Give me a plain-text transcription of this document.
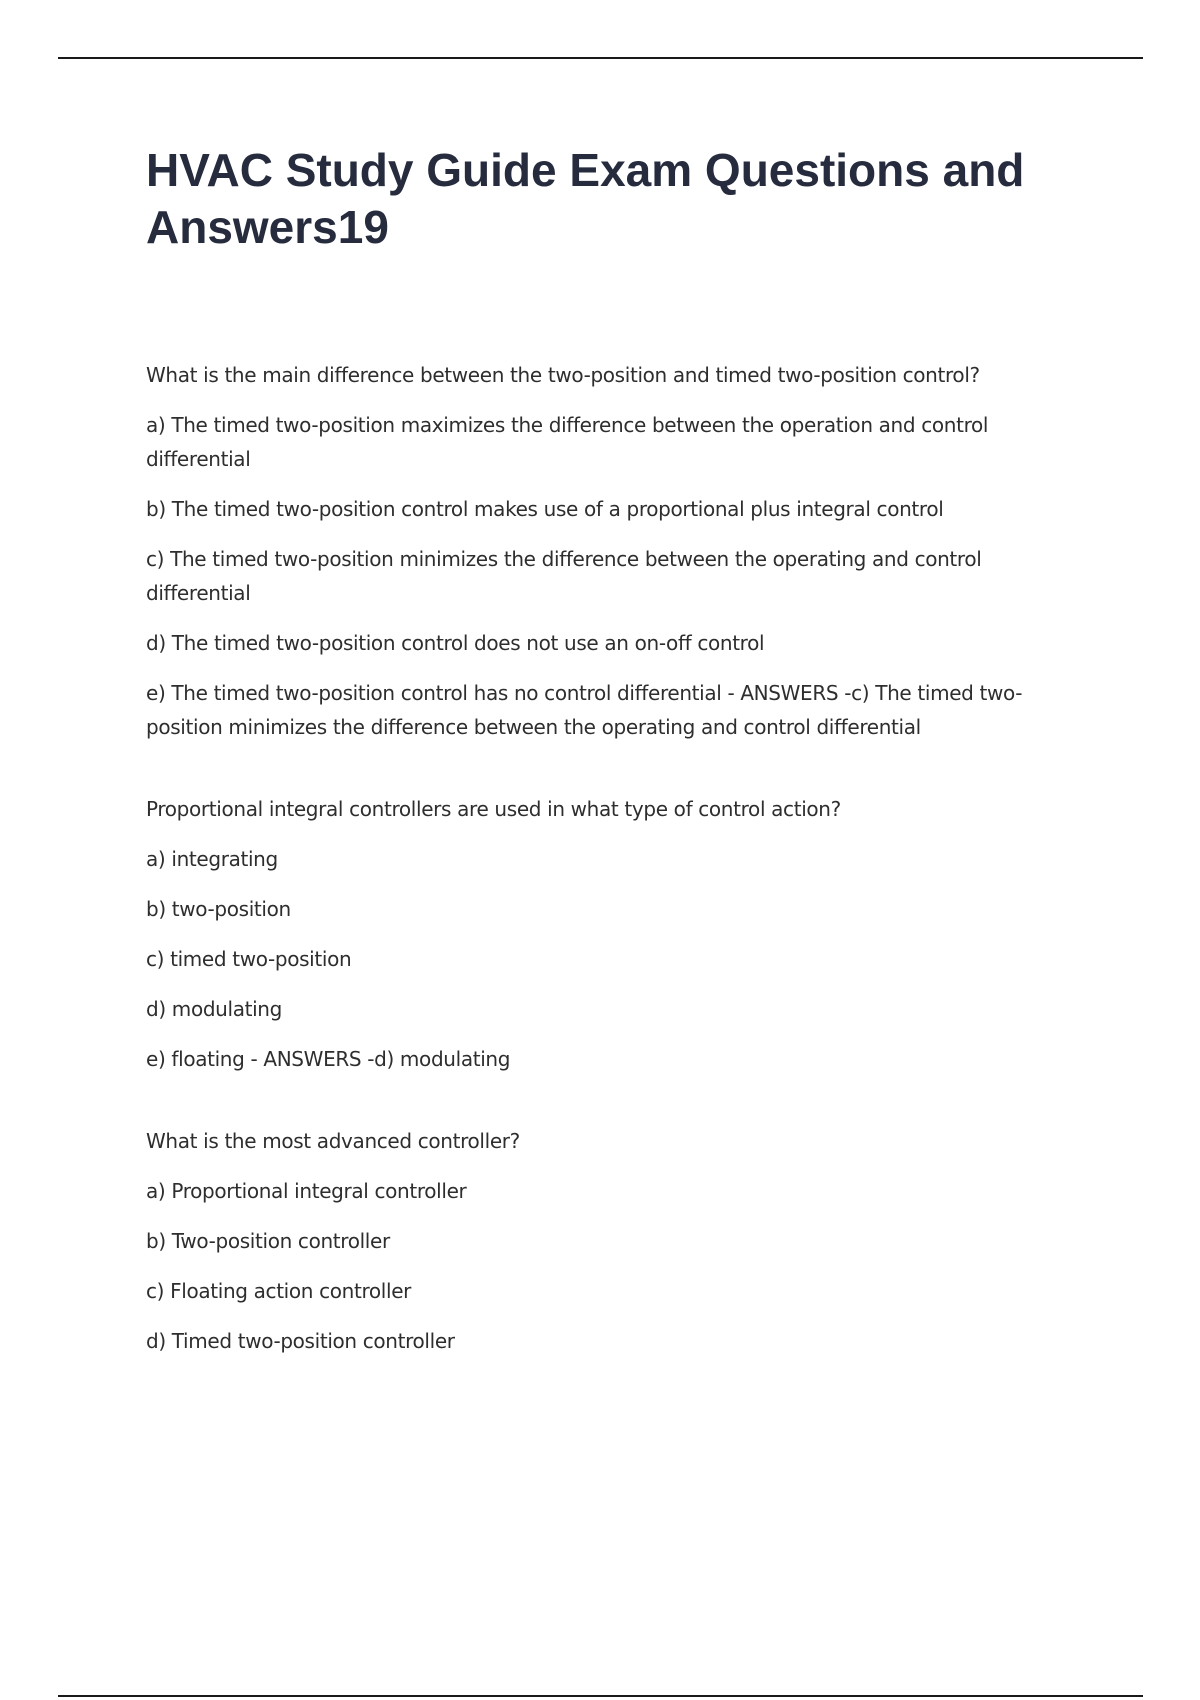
HVAC Study Guide Exam Questions and Answers19

What is the main difference between the two-position and timed two-position control?

a) The timed two-position maximizes the difference between the operation and control differential

b) The timed two-position control makes use of a proportional plus integral control

c) The timed two-position minimizes the difference between the operating and control differential

d) The timed two-position control does not use an on-off control

e) The timed two-position control has no control differential - ANSWERS -c) The timed two-position minimizes the difference between the operating and control differential

Proportional integral controllers are used in what type of control action?

a) integrating

b) two-position

c) timed two-position

d) modulating

e) floating - ANSWERS -d) modulating

What is the most advanced controller?

a) Proportional integral controller

b) Two-position controller

c) Floating action controller

d) Timed two-position controller
